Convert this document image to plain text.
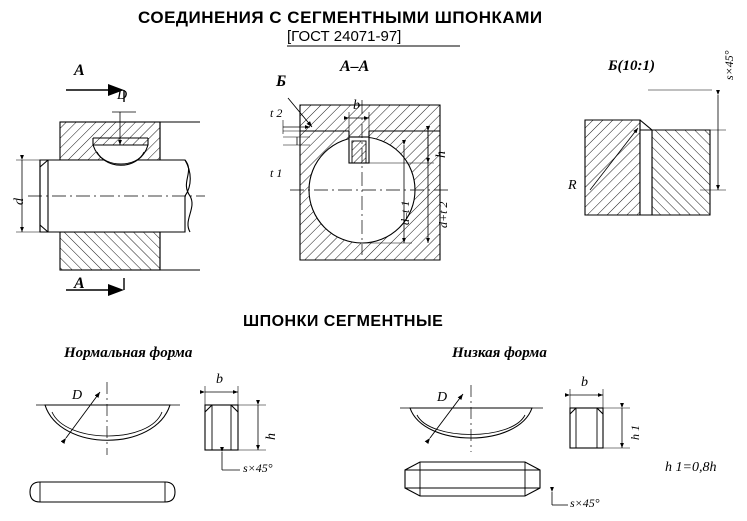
СОЕДИНЕНИЯ С СЕГМЕНТНЫМИ ШПОНКАМИ
[ГОСТ 24071-97]
А
А
D
d
Б
А–А
t 2
t 1
b
h
d–t 1 d+t 2
Б(10:1)	s×45°
R
ШПОНКИ СЕГМЕНТНЫЕ
Нормальная форма
D
b
h
s×45°
Низкая форма
D
b
h 1
s×45°
h 1=0,8h
